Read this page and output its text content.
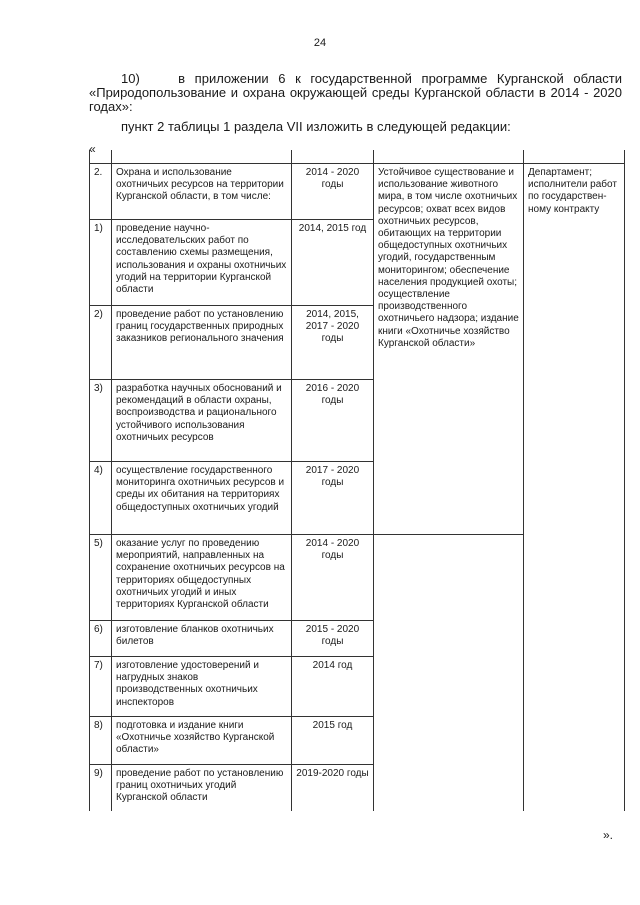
24

10)	в приложении 6 к государственной программе Курганской области «Природопользование и охрана окружающей среды Курганской области в 2014 - 2020 годах»:

пункт 2 таблицы 1 раздела VII изложить в следующей редакции:

«

2.	Охрана и использование охотничьих ресурсов на территории Курганской области, в том числе:	2014 - 2020 годы	Устойчивое существование и использование животного мира, в том числе охотничьих ресурсов; охват всех видов охотничьих ресурсов, обитающих на территории общедоступных охотничьих угодий, государственным мониторингом; обеспечение населения продукцией охоты; осуществление производственного охотничьего надзора; издание книги «Охотничье хозяйство Курганской области»	Департамент; исполнители работ по государствен-ному контракту
1)	проведение научно-исследовательских работ по составлению схемы размещения, использования и охраны охотничьих угодий на территории Курганской области	2014, 2015 год		
2)	проведение работ по установлению границ государственных природных заказников регионального значения	2014, 2015, 2017 - 2020 годы		
3)	разработка научных обоснований и рекомендаций в области охраны, воспроизводства и рационального устойчивого использования охотничьих ресурсов	2016 - 2020 годы		
4)	осуществление государственного мониторинга охотничьих ресурсов и среды их обитания на территориях общедоступных охотничьих угодий	2017 - 2020 годы		
5)	оказание услуг по проведению мероприятий, направленных на сохранение охотничьих ресурсов на территориях общедоступных охотничьих угодий и иных территориях Курганской области	2014 - 2020 годы		
6)	изготовление бланков охотничьих билетов	2015 - 2020 годы		
7)	изготовление удостоверений и нагрудных знаков производственных охотничьих инспекторов	2014 год		
8)	подготовка и издание книги «Охотничье хозяйство Курганской области»	2015 год		
9)	проведение работ по установлению границ охотничьих угодий Курганской области	2019-2020 годы		
».
